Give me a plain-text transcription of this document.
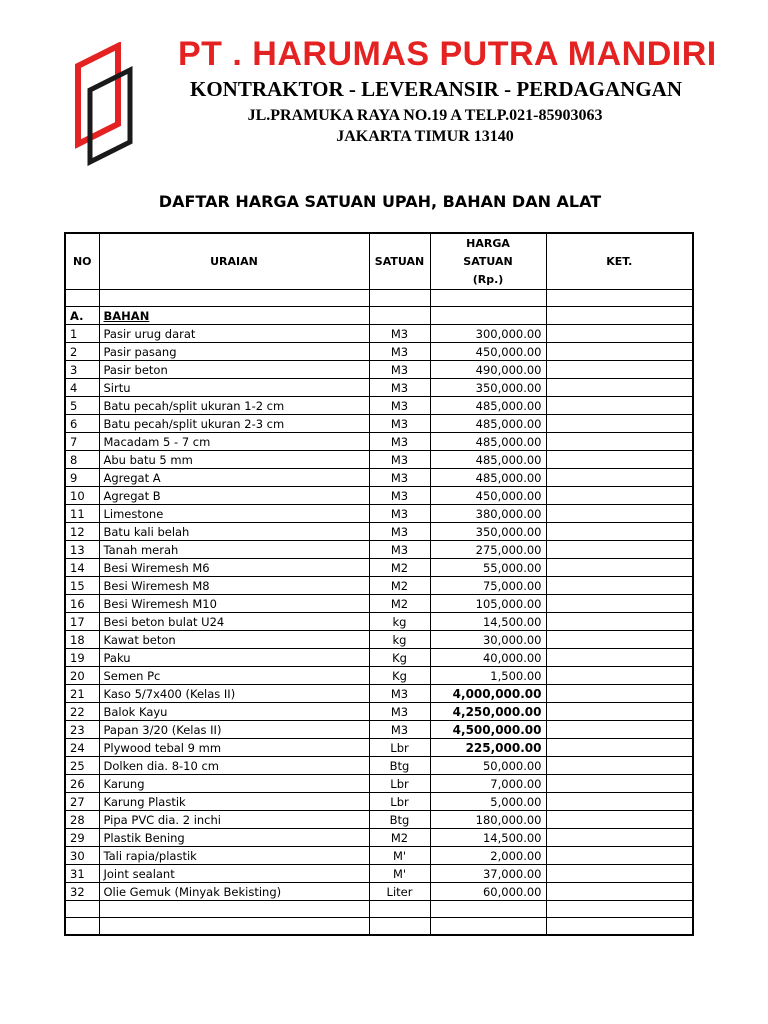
PT . HARUMAS PUTRA MANDIRI
KONTRAKTOR - LEVERANSIR - PERDAGANGAN
JL.PRAMUKA RAYA NO.19 A TELP.021-85903063
JAKARTA TIMUR 13140
DAFTAR HARGA SATUAN UPAH, BAHAN DAN ALAT
NO	URAIAN	SATUAN	HARGA
SATUAN
(Rp.)	KET.

A.	BAHAN			
1	Pasir urug darat	M3	300,000.00	
2	Pasir pasang	M3	450,000.00	
3	Pasir beton	M3	490,000.00	
4	Sirtu	M3	350,000.00	
5	Batu pecah/split ukuran 1-2 cm	M3	485,000.00	
6	Batu pecah/split ukuran 2-3 cm	M3	485,000.00	
7	Macadam 5 - 7 cm	M3	485,000.00	
8	Abu batu 5 mm	M3	485,000.00	
9	Agregat A	M3	485,000.00	
10	Agregat B	M3	450,000.00	
11	Limestone	M3	380,000.00	
12	Batu kali belah	M3	350,000.00	
13	Tanah merah	M3	275,000.00	
14	Besi Wiremesh M6	M2	55,000.00	
15	Besi Wiremesh M8	M2	75,000.00	
16	Besi Wiremesh M10	M2	105,000.00	
17	Besi beton bulat U24	kg	14,500.00	
18	Kawat beton	kg	30,000.00	
19	Paku	Kg	40,000.00	
20	Semen Pc	Kg	1,500.00	
21	Kaso 5/7x400 (Kelas II)	M3	4,000,000.00	
22	Balok Kayu	M3	4,250,000.00	
23	Papan 3/20 (Kelas II)	M3	4,500,000.00	
24	Plywood tebal 9 mm	Lbr	225,000.00	
25	Dolken dia. 8-10 cm	Btg	50,000.00	
26	Karung	Lbr	7,000.00	
27	Karung Plastik	Lbr	5,000.00	
28	Pipa PVC dia. 2 inchi	Btg	180,000.00	
29	Plastik Bening	M2	14,500.00	
30	Tali rapia/plastik	M'	2,000.00	
31	Joint sealant	M'	37,000.00	
32	Olie Gemuk (Minyak Bekisting)	Liter	60,000.00	
